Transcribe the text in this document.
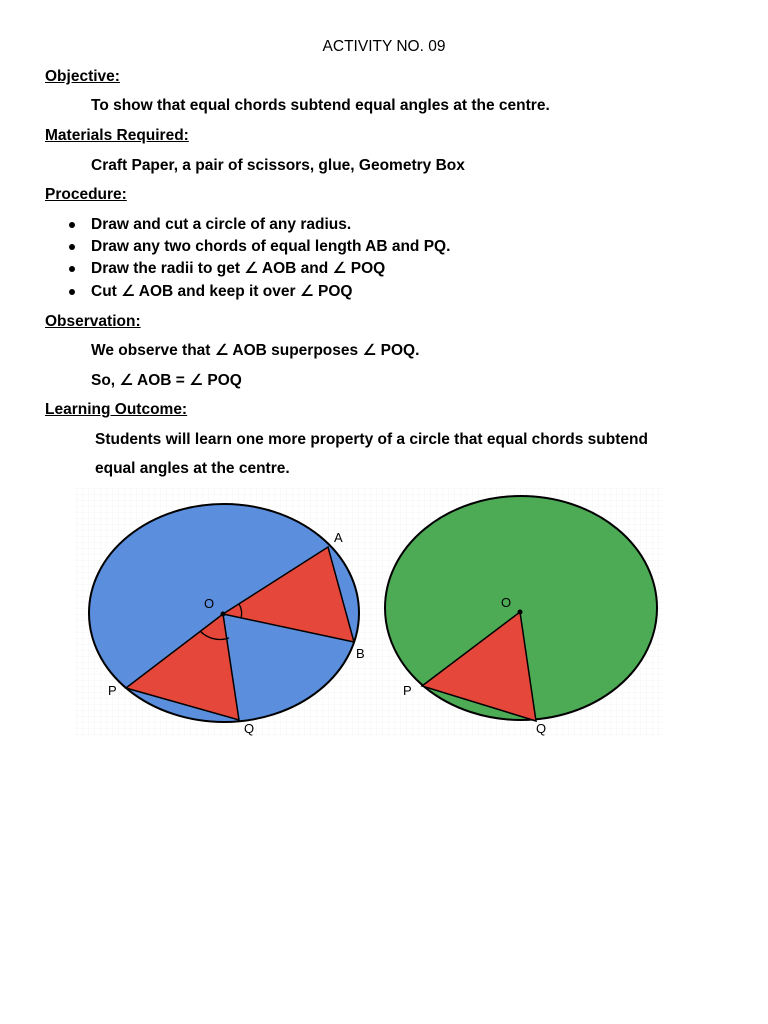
ACTIVITY NO. 09
Objective:
To show that equal chords subtend equal angles at the centre.
Materials Required:
Craft Paper, a pair of scissors, glue, Geometry Box
Procedure:
Draw and cut a circle of any radius.
Draw any two chords of equal length AB and PQ.
Draw the radii to get ∠ AOB and ∠ POQ
Cut ∠ AOB and keep it over ∠ POQ
Observation:
We observe that ∠ AOB superposes ∠ POQ.
So, ∠ AOB = ∠ POQ
Learning Outcome:
Students will learn one more property of a circle that equal chords subtend
equal angles at the centre.
O
A
B
P
Q
O
P
Q
